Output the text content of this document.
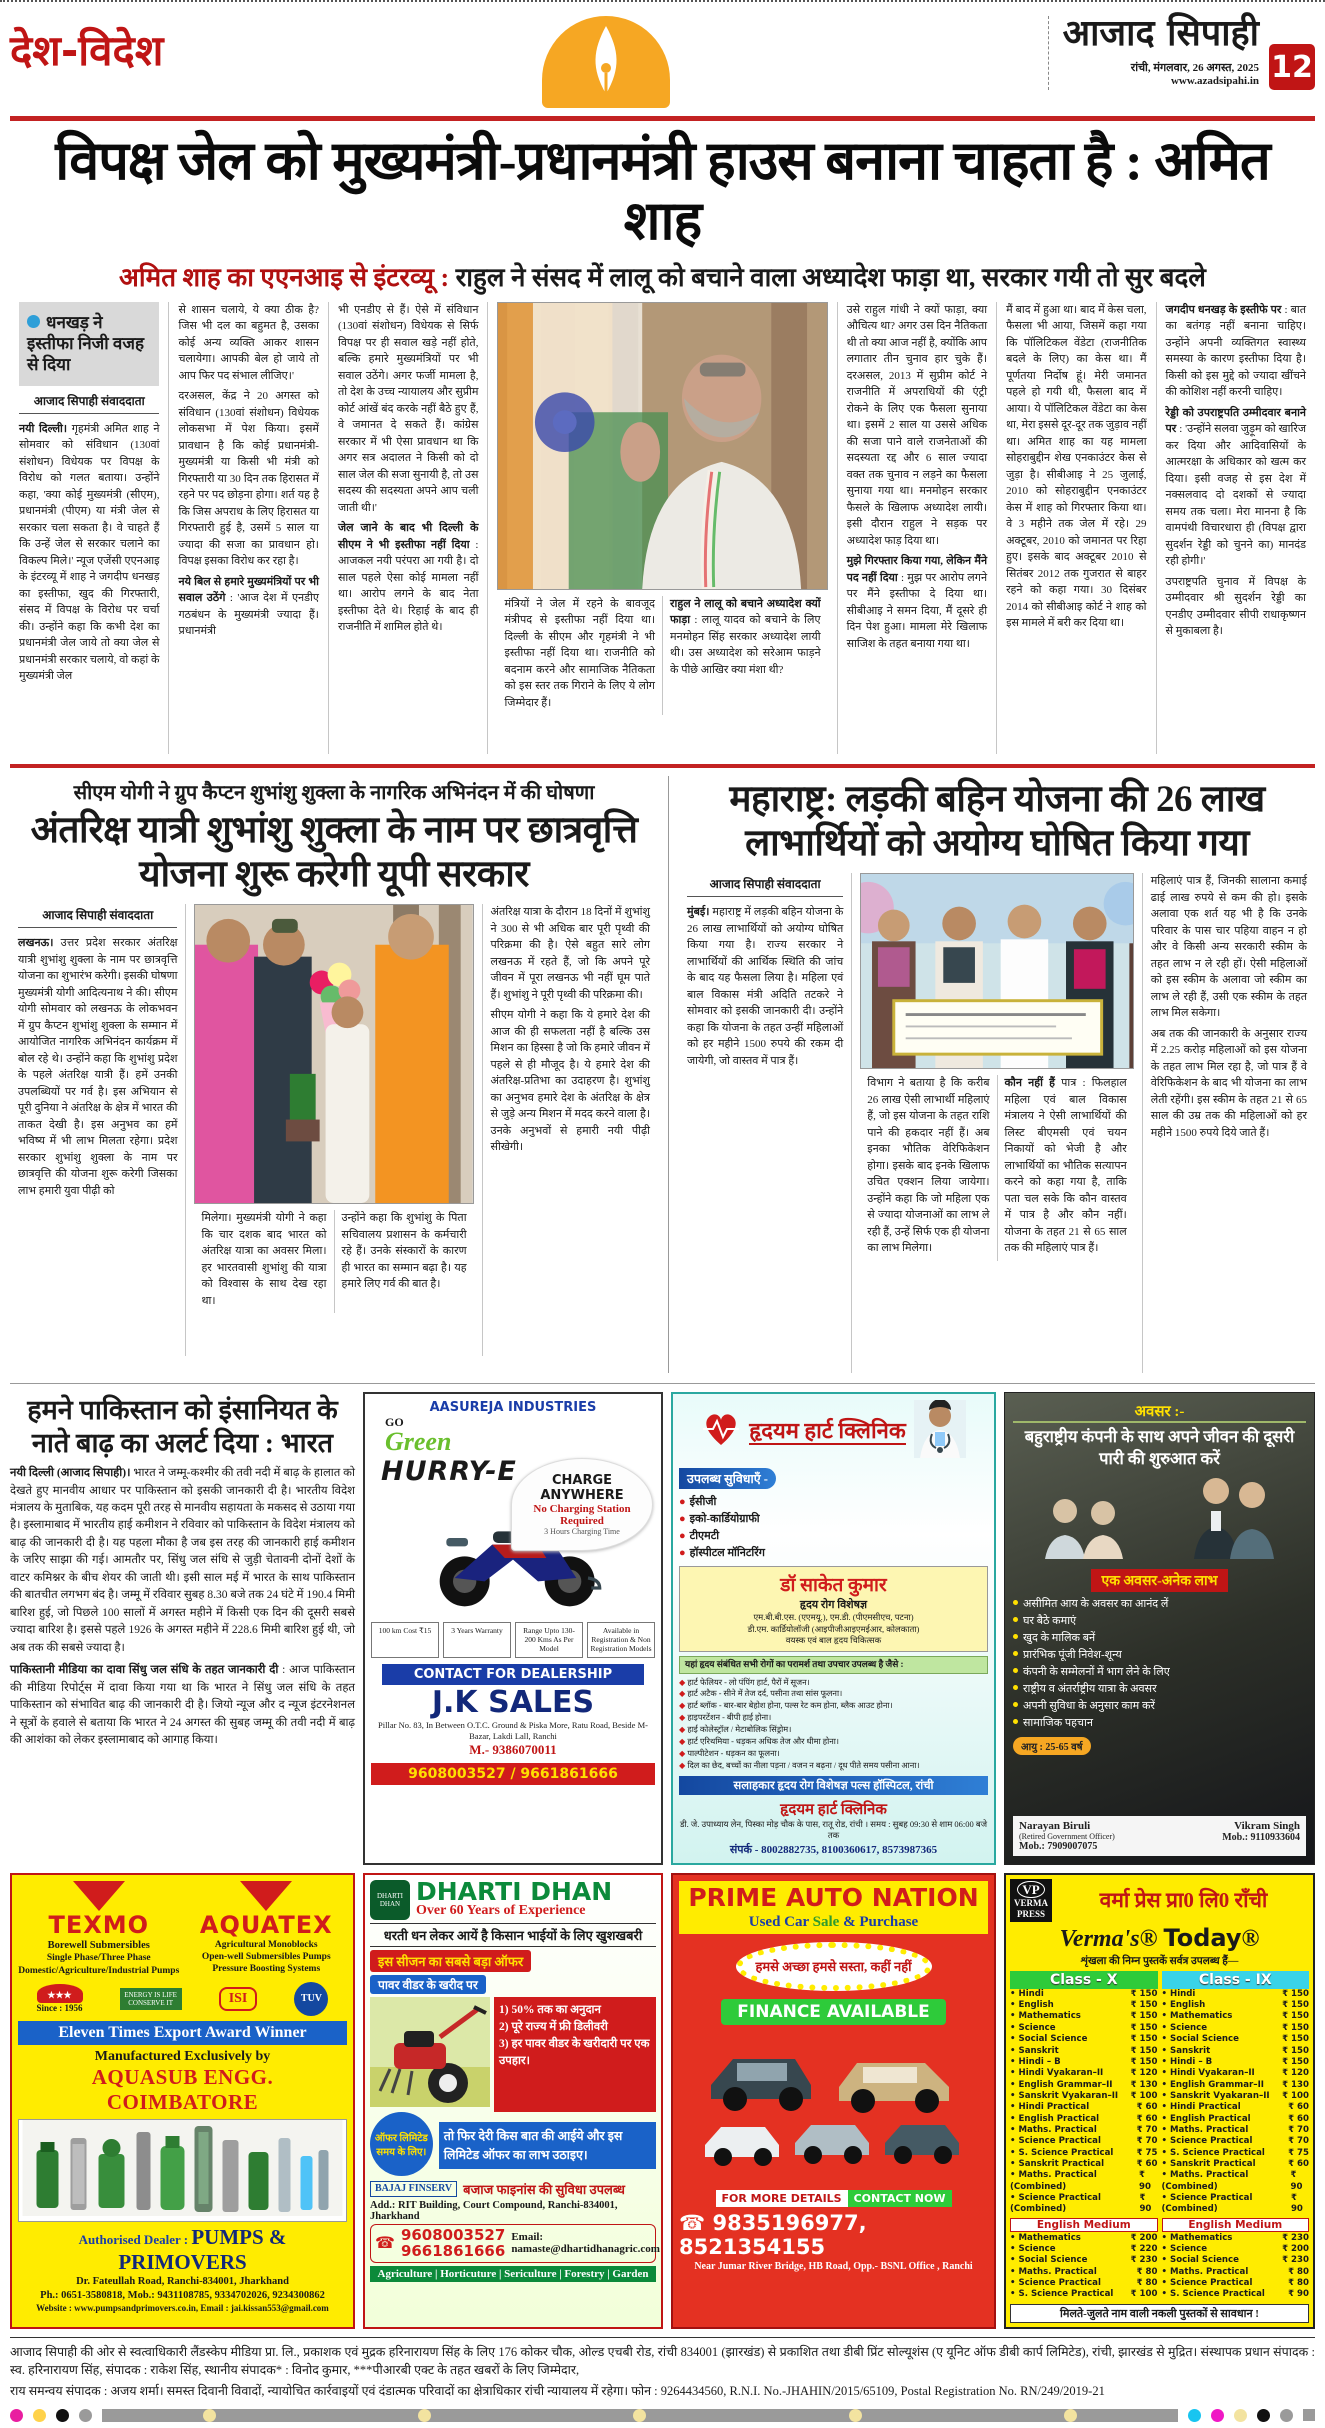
देश-विदेश	आजाद सिपाही
रांची, मंगलवार, 26 अगस्त, 2025
www.azadsipahi.in 12
विपक्ष जेल को मुख्यमंत्री-प्रधानमंत्री हाउस बनाना चाहता है : अमित शाह
अमित शाह का एएनआइ से इंटरव्यू : राहुल ने संसद में लालू को बचाने वाला अध्यादेश फाड़ा था, सरकार गयी तो सुर बदले
धनखड़ ने इस्तीफा निजी वजह से दिया
आजाद सिपाही संवाददाता

नयी दिल्ली। गृहमंत्री अमित शाह ने सोमवार को संविधान (130वां संशोधन) विधेयक पर विपक्ष के विरोध को गलत बताया। उन्होंने कहा, 'क्या कोई मुख्यमंत्री (सीएम), प्रधानमंत्री (पीएम) या मंत्री जेल से सरकार चला सकता है। वे चाहते हैं कि उन्हें जेल से सरकार चलाने का विकल्प मिले।' न्यूज एजेंसी एएनआइ के इंटरव्यू में शाह ने जगदीप धनखड़ का इस्तीफा, खुद की गिरफ्तारी, संसद में विपक्ष के विरोध पर चर्चा की। उन्होंने कहा कि कभी देश का प्रधानमंत्री जेल जाये तो क्या जेल से प्रधानमंत्री सरकार चलाये, वो कहां के मुख्यमंत्री जेल

से शासन चलाये, ये क्या ठीक है? जिस भी दल का बहुमत है, उसका कोई अन्य व्यक्ति आकर शासन चलायेगा। आपकी बेल हो जाये तो आप फिर पद संभाल लीजिए।'

दरअसल, केंद्र ने 20 अगस्त को संविधान (130वां संशोधन) विधेयक लोकसभा में पेश किया। इसमें प्रावधान है कि कोई प्रधानमंत्री-मुख्यमंत्री या किसी भी मंत्री को गिरफ्तारी या 30 दिन तक हिरासत में रहने पर पद छोड़ना होगा। शर्त यह है कि जिस अपराध के लिए हिरासत या गिरफ्तारी हुई है, उसमें 5 साल या ज्यादा की सजा का प्रावधान हो। विपक्ष इसका विरोध कर रहा है।

नये बिल से हमारे मुख्यमंत्रियों पर भी सवाल उठेंगे : 'आज देश में एनडीए गठबंधन के मुख्यमंत्री ज्यादा हैं। प्रधानमंत्री

भी एनडीए से हैं। ऐसे में संविधान (130वां संशोधन) विधेयक से सिर्फ विपक्ष पर ही सवाल खड़े नहीं होते, बल्कि हमारे मुख्यमंत्रियों पर भी सवाल उठेंगे। अगर फर्जी मामला है, तो देश के उच्च न्यायालय और सुप्रीम कोर्ट आंखें बंद करके नहीं बैठे हुए हैं, वे जमानत दे सकते हैं। कांग्रेस सरकार में भी ऐसा प्रावधान था कि अगर सत्र अदालत ने किसी को दो साल जेल की सजा सुनायी है, तो उस सदस्य की सदस्यता अपने आप चली जाती थी।'

जेल जाने के बाद भी दिल्ली के सीएम ने भी इस्तीफा नहीं दिया : आजकल नयी परंपरा आ गयी है। दो साल पहले ऐसा कोई मामला नहीं था। आरोप लगने के बाद नेता इस्तीफा देते थे। रिहाई के बाद ही राजनीति में शामिल होते थे।

मंत्रियों ने जेल में रहने के बावजूद मंत्रीपद से इस्तीफा नहीं दिया था। दिल्ली के सीएम और गृहमंत्री ने भी इस्तीफा नहीं दिया था। राजनीति को बदनाम करने और सामाजिक नैतिकता को इस स्तर तक गिराने के लिए ये लोग जिम्मेदार हैं।

राहुल ने लालू को बचाने अध्यादेश क्यों फाड़ा : लालू यादव को बचाने के लिए मनमोहन सिंह सरकार अध्यादेश लायी थी। उस अध्यादेश को सरेआम फाड़ने के पीछे आखिर क्या मंशा थी?

उसे राहुल गांधी ने क्यों फाड़ा, क्या औचित्य था? अगर उस दिन नैतिकता थी तो क्या आज नहीं है, क्योंकि आप लगातार तीन चुनाव हार चुके हैं। दरअसल, 2013 में सुप्रीम कोर्ट ने राजनीति में अपराधियों की एंट्री रोकने के लिए एक फैसला सुनाया था। इसमें 2 साल या उससे अधिक की सजा पाने वाले राजनेताओं की सदस्यता रद्द और 6 साल ज्यादा वक्त तक चुनाव न लड़ने का फैसला सुनाया गया था। मनमोहन सरकार फैसले के खिलाफ अध्यादेश लायी। इसी दौरान राहुल ने सड़क पर अध्यादेश फाड़ दिया था।

मुझे गिरफ्तार किया गया, लेकिन मैंने पद नहीं दिया : मुझ पर आरोप लगने पर मैंने इस्तीफा दे दिया था। सीबीआइ ने समन दिया, मैं दूसरे ही दिन पेश हुआ। मामला मेरे खिलाफ साजिश के तहत बनाया गया था।

मैं बाद में हुआ था। बाद में केस चला, फैसला भी आया, जिसमें कहा गया कि पॉलिटिकल वेंडेटा (राजनीतिक बदले के लिए) का केस था। मैं पूर्णतया निर्दोष हूं। मेरी जमानत पहले हो गयी थी, फैसला बाद में आया। ये पॉलिटिकल वेंडेटा का केस था, मेरा इससे दूर-दूर तक जुड़ाव नहीं था। अमित शाह का यह मामला सोहराबुद्दीन शेख एनकाउंटर केस से जुड़ा है। सीबीआइ ने 25 जुलाई, 2010 को सोहराबुद्दीन एनकाउंटर केस में शाह को गिरफ्तार किया था। वे 3 महीने तक जेल में रहे। 29 अक्टूबर, 2010 को जमानत पर रिहा हुए। इसके बाद अक्टूबर 2010 से सितंबर 2012 तक गुजरात से बाहर रहने को कहा गया। 30 दिसंबर 2014 को सीबीआइ कोर्ट ने शाह को इस मामले में बरी कर दिया था।

जगदीप धनखड़ के इस्तीफे पर : बात का बतंगड़ नहीं बनाना चाहिए। उन्होंने अपनी व्यक्तिगत स्वास्थ्य समस्या के कारण इस्तीफा दिया है। किसी को इस मुद्दे को ज्यादा खींचने की कोशिश नहीं करनी चाहिए।

रेड्डी को उपराष्ट्रपति उम्मीदवार बनाने पर : 'उन्होंने सलवा जुड़ूम को खारिज कर दिया और आदिवासियों के आत्मरक्षा के अधिकार को खत्म कर दिया। इसी वजह से इस देश में नक्सलवाद दो दशकों से ज्यादा समय तक चला। मेरा मानना है कि वामपंथी विचारधारा ही (विपक्ष द्वारा सुदर्शन रेड्डी को चुनने का) मानदंड रही होगी।'

उपराष्ट्रपति चुनाव में विपक्ष के उम्मीदवार श्री सुदर्शन रेड्डी का एनडीए उम्मीदवार सीपी राधाकृष्णन से मुकाबला है।

सीएम योगी ने ग्रुप कैप्टन शुभांशु शुक्ला के नागरिक अभिनंदन में की घोषणा
अंतरिक्ष यात्री शुभांशु शुक्ला के नाम पर छात्रवृत्ति योजना शुरू करेगी यूपी सरकार
आजाद सिपाही संवाददाता

लखनऊ। उत्तर प्रदेश सरकार अंतरिक्ष यात्री शुभांशु शुक्ला के नाम पर छात्रवृत्ति योजना का शुभारंभ करेगी। इसकी घोषणा मुख्यमंत्री योगी आदित्यनाथ ने की। सीएम योगी सोमवार को लखनऊ के लोकभवन में ग्रुप कैप्टन शुभांशु शुक्ला के सम्मान में आयोजित नागरिक अभिनंदन कार्यक्रम में बोल रहे थे। उन्होंने कहा कि शुभांशु प्रदेश के पहले अंतरिक्ष यात्री हैं। हमें उनकी उपलब्धियों पर गर्व है। इस अभियान से पूरी दुनिया ने अंतरिक्ष के क्षेत्र में भारत की ताकत देखी है। इस अनुभव का हमें भविष्य में भी लाभ मिलता रहेगा। प्रदेश सरकार शुभांशु शुक्ला के नाम पर छात्रवृत्ति की योजना शुरू करेगी जिसका लाभ हमारी युवा पीढ़ी को

मिलेगा। मुख्यमंत्री योगी ने कहा कि चार दशक बाद भारत को अंतरिक्ष यात्रा का अवसर मिला। हर भारतवासी शुभांशु की यात्रा को विश्वास के साथ देख रहा था।

उन्होंने कहा कि शुभांशु के पिता सचिवालय प्रशासन के कर्मचारी रहे हैं। उनके संस्कारों के कारण ही भारत का सम्मान बढ़ा है। यह हमारे लिए गर्व की बात है।

अंतरिक्ष यात्रा के दौरान 18 दिनों में शुभांशु ने 300 से भी अधिक बार पूरी पृथ्वी की परिक्रमा की है। ऐसे बहुत सारे लोग लखनऊ में रहते हैं, जो कि अपने पूरे जीवन में पूरा लखनऊ भी नहीं घूम पाते हैं। शुभांशु ने पूरी पृथ्वी की परिक्रमा की।

सीएम योगी ने कहा कि ये हमारे देश की आज की ही सफलता नहीं है बल्कि उस मिशन का हिस्सा है जो कि हमारे जीवन में पहले से ही मौजूद है। ये हमारे देश की अंतरिक्ष-प्रतिभा का उदाहरण है। शुभांशु का अनुभव हमारे देश के अंतरिक्ष के क्षेत्र से जुड़े अन्य मिशन में मदद करने वाला है। उनके अनुभवों से हमारी नयी पीढ़ी सीखेगी।

महाराष्ट्र: लड़की बहिन योजना की 26 लाख लाभार्थियों को अयोग्य घोषित किया गया
आजाद सिपाही संवाददाता

मुंबई। महाराष्ट्र में लड़की बहिन योजना के 26 लाख लाभार्थियों को अयोग्य घोषित किया गया है। राज्य सरकार ने लाभार्थियों की आर्थिक स्थिति की जांच के बाद यह फैसला लिया है। महिला एवं बाल विकास मंत्री अदिति तटकरे ने सोमवार को इसकी जानकारी दी। उन्होंने कहा कि योजना के तहत उन्हीं महिलाओं को हर महीने 1500 रुपये की रकम दी जायेगी, जो वास्तव में पात्र हैं।

विभाग ने बताया है कि करीब 26 लाख ऐसी लाभार्थी महिलाएं हैं, जो इस योजना के तहत राशि पाने की हकदार नहीं हैं। अब इनका भौतिक वेरिफिकेशन होगा। इसके बाद इनके खिलाफ उचित एक्शन लिया जायेगा। उन्होंने कहा कि जो महिला एक से ज्यादा योजनाओं का लाभ ले रही हैं, उन्हें सिर्फ एक ही योजना का लाभ मिलेगा।

कौन नहीं हैं पात्र : फिलहाल महिला एवं बाल विकास मंत्रालय ने ऐसी लाभार्थियों की लिस्ट बीएमसी एवं चयन निकायों को भेजी है और लाभार्थियों का भौतिक सत्यापन करने को कहा गया है, ताकि पता चल सके कि कौन वास्तव में पात्र है और कौन नहीं। योजना के तहत 21 से 65 साल तक की महिलाएं पात्र हैं।

महिलाएं पात्र हैं, जिनकी सालाना कमाई ढाई लाख रुपये से कम की हो। इसके अलावा एक शर्त यह भी है कि उनके परिवार के पास चार पहिया वाहन न हो और वे किसी अन्य सरकारी स्कीम के तहत लाभ न ले रही हों। ऐसी महिलाओं को इस स्कीम के अलावा जो स्कीम का लाभ ले रही हैं, उसी एक स्कीम के तहत लाभ मिल सकेगा।

अब तक की जानकारी के अनुसार राज्य में 2.25 करोड़ महिलाओं को इस योजना के तहत लाभ मिल रहा है, जो पात्र हैं वे वेरिफिकेशन के बाद भी योजना का लाभ लेती रहेंगी। इस स्कीम के तहत 21 से 65 साल की उम्र तक की महिलाओं को हर महीने 1500 रुपये दिये जाते हैं।

हमने पाकिस्तान को इंसानियत के नाते बाढ़ का अलर्ट दिया : भारत

नयी दिल्ली (आजाद सिपाही)। भारत ने जम्मू-कश्मीर की तवी नदी में बाढ़ के हालात को देखते हुए मानवीय आधार पर पाकिस्तान को इसकी जानकारी दी है। भारतीय विदेश मंत्रालय के मुताबिक, यह कदम पूरी तरह से मानवीय सहायता के मकसद से उठाया गया है। इस्लामाबाद में भारतीय हाई कमीशन ने रविवार को पाकिस्तान के विदेश मंत्रालय को बाढ़ की जानकारी दी है। यह पहला मौका है जब इस तरह की जानकारी हाई कमीशन के जरिए साझा की गई। आमतौर पर, सिंधु जल संधि से जुड़ी चेतावनी दोनों देशों के वाटर कमिश्नर के बीच शेयर की जाती थी। इसी साल मई में भारत के साथ पाकिस्तान की बातचीत लगभग बंद है। जम्मू में रविवार सुबह 8.30 बजे तक 24 घंटे में 190.4 मिमी बारिश हुई, जो पिछले 100 सालों में अगस्त महीने में किसी एक दिन की दूसरी सबसे ज्यादा बारिश है। इससे पहले 1926 के अगस्त महीने में 228.6 मिमी बारिश हुई थी, जो अब तक की सबसे ज्यादा है।

पाकिस्तानी मीडिया का दावा सिंधु जल संधि के तहत जानकारी दी : आज पाकिस्तान की मीडिया रिपोर्ट्स में दावा किया गया था कि भारत ने सिंधु जल संधि के तहत पाकिस्तान को संभावित बाढ़ की जानकारी दी है। जियो न्यूज और द न्यूज इंटरनेशनल ने सूत्रों के हवाले से बताया कि भारत ने 24 अगस्त की सुबह जम्मू की तवी नदी में बाढ़ की आशंका को लेकर इस्लामाबाद को आगाह किया।

AASUREJA INDUSTRIES
GO
Green
HURRY-E	CHARGE ANYWHERE
No Charging Station Required
3 Hours Charging Time
100 km Cost ₹15	3 Years Warranty	Range Upto 130-200 Kms As Per Model
Available in Registration & Non Registration Models
CONTACT FOR DEALERSHIP
J.K SALES
Pillar No. 83, In Between O.T.C. Ground & Piska More, Ratu Road, Beside M-Bazar, Lakdi Lall, Ranchi
M.- 9386070011
9608003527 / 9661861666
हृदयम हार्ट क्लिनिक
उपलब्ध सुविधाएँ -
● ईसीजी
● इको-कार्डियोग्राफी
● टीएमटी
● हॉस्पीटल मॉनिटरिंग
डॉ साकेत कुमार
हृदय रोग विशेषज्ञ
एम.बी.बी.एस. (एएमयू.), एम.डी. (पीएमसीएच, पटना)
डी.एम. कार्डियोलॉजी (आइपीजीआइएमईआर, कोलकाता)
वयस्क एवं बाल हृदय चिकित्सक
यहां हृदय संबंधित सभी रोगों का परामर्श तथा उपचार उपलब्ध है जैसे :
◆ हार्ट फेलियर - लो पंपिंग हार्ट, पैरों में सूजन।
◆ हार्ट अटैक - सीने में तेज दर्द, पसीना तथा सांस फूलना।
◆ हार्ट ब्लॉक - बार-बार बेहोश होना, पल्स रेट कम होना, ब्लैक आउट होना।
◆ हाइपरटेंशन - बीपी हाई होना।
◆ हाई कोलेस्ट्रॉल / मेटाबोलिक सिंड्रोम।
◆ हार्ट एरिथमिया - धड़कन अधिक तेज और धीमा होना।
◆ पाल्पीटेशन - धड़कन का फूलना।
◆ दिल का छेद, बच्चों का नीला पड़ना / वजन न बढ़ना / दूध पीते समय पसीना आना।
सलाहकार हृदय रोग विशेषज्ञ पल्स हॉस्पिटल, रांची
हृदयम हार्ट क्लिनिक
डी. जे. उपाध्याय लेन, पिस्का मोड़ चौक के पास, रातू रोड, रांची । समय : सुबह 09:30 से शाम 06:00 बजे तक
संपर्क - 8002882735, 8100360617, 8573987365
अवसर :-
बहुराष्ट्रीय कंपनी के साथ अपने जीवन की दूसरी पारी की शुरुआत करें
एक अवसर-अनेक लाभ
असीमित आय के अवसर का आनंद लें
घर बैठे कमाएं
खुद के मालिक बनें
प्रारंभिक पूंजी निवेश-शून्य
कंपनी के सम्मेलनों में भाग लेने के लिए
राष्ट्रीय व अंतर्राष्ट्रीय यात्रा के अवसर
अपनी सुविधा के अनुसार काम करें
सामाजिक पहचान
आयु : 25-65 वर्ष
Narayan Biruli
(Retired Government Officer)
Mob.: 7909007075
Vikram Singh
Mob.: 9110933604
TEXMO
Borewell Submersibles
Single Phase/Three Phase
Domestic/Agriculture/Industrial Pumps
AQUATEX
Agricultural Monoblocks
Open-well Submersibles Pumps
Pressure Boosting Systems
★★★
Since : 1956
ENERGY IS LIFE CONSERVE IT	ISI	TUV
Eleven Times Export Award Winner
Manufactured Exclusively by
AQUASUB ENGG. COIMBATORE
Authorised Dealer : PUMPS & PRIMOVERS
Dr. Fateullah Road, Ranchi-834001, Jharkhand
Ph.: 0651-3580818, Mob.: 9431108785, 9334702026, 9234300862
Website : www.pumpsandprimovers.co.in, Email : jai.kissan553@gmail.com
DHARTI DHAN DHARTI DHAN
Over 60 Years of Experience
धरती धन लेकर आयें है किसान भाईयों के लिए खुशखबरी
इस सीजन का सबसे बड़ा ऑफर
पावर वीडर के खरीद पर
1) 50% तक का अनुदान
2) पूरे राज्य में फ्री डिलीवरी
3) हर पावर वीडर के खरीदारी पर एक उपहार।
ऑफर लिमिटेड समय के लिए।
तो फिर देरी किस बात की आईये और इस लिमिटेड ऑफर का लाभ उठाइए।
BAJAJ FINSERV बजाज फाइनांस की सुविधा उपलब्ध
Add.: RIT Building, Court Compound, Ranchi-834001, Jharkhand
☎ 9608003527
9661861666
Email:
namaste@dhartidhanagric.com
Agriculture | Horticuture | Sericulture | Forestry | Garden
PRIME AUTO NATION
Used Car Sale & Purchase
हमसे अच्छा हमसे सस्ता, कहीं नहीं
FINANCE AVAILABLE
FOR MORE DETAILS	CONTACT NOW
☎ 9835196977, 8521354155
Near Jumar River Bridge, HB Road, Opp.- BSNL Office , Ranchi
VP
VERMA
PRESS
वर्मा प्रेस प्रा0 लि0 राँची
Verma's® Today®
शृंखला की निम्न पुस्तकें सर्वत्र उपलब्ध हैं—
Class - X
• Hindi	₹ 150
• English	₹ 150
• Mathematics	₹ 150
• Science	₹ 150
• Social Science	₹ 150
• Sanskrit	₹ 150
• Hindi – B	₹ 150
• Hindi Vyakaran–II	₹ 120
• English Grammar–II ₹ 130
• Sanskrit Vyakaran–II ₹ 100
• Hindi Practical	₹ 60
• English Practical	₹ 60
• Maths. Practical	₹ 70
• Science Practical	₹ 70
• S. Science Practical	₹ 75
• Sanskrit Practical	₹ 60
• Maths. Practical (Combined)
₹ 90
• Science Practical (Combined)
₹ 90
English Medium
• Mathematics	₹ 200
• Science	₹ 220
• Social Science	₹ 230
• Maths. Practical	₹ 80
• Science Practical	₹ 80
• S. Science Practical ₹ 100
Class - IX
• Hindi	₹ 150
• English	₹ 150
• Mathematics	₹ 150
• Science	₹ 150
• Social Science	₹ 150
• Sanskrit	₹ 150
• Hindi – B	₹ 150
• Hindi Vyakaran–II	₹ 120
• English Grammar–II ₹ 130
• Sanskrit Vyakaran–II ₹ 100
• Hindi Practical	₹ 60
• English Practical	₹ 60
• Maths. Practical	₹ 70
• Science Practical	₹ 70
• S. Science Practical	₹ 75
• Sanskrit Practical	₹ 60
• Maths. Practical (Combined)
₹ 90
• Science Practical (Combined)
₹ 90
English Medium
• Mathematics	₹ 230
• Science	₹ 200
• Social Science	₹ 230
• Maths. Practical	₹ 80
• Science Practical	₹ 80
• S. Science Practical	₹ 90
मिलते-जुलते नाम वाली नकली पुस्तकों से सावधान !

आजाद सिपाही की ओर से स्वत्वाधिकारी लैंडस्केप मीडिया प्रा. लि., प्रकाशक एवं मुद्रक हरिनारायण सिंह के लिए 176 कोकर चौक, ओल्ड एचबी रोड, रांची 834001 (झारखंड) से प्रकाशित तथा डीबी प्रिंट सोल्यूशंस (ए यूनिट ऑफ डीबी कार्प लिमिटेड), रांची, झारखंड से मुद्रित। संस्थापक प्रधान संपादक : स्व. हरिनारायण सिंह, संपादक : राकेश सिंह, स्थानीय संपादक* : विनोद कुमार, ***पीआरबी एक्ट के तहत खबरों के लिए जिम्मेदार,

राय समन्वय संपादक : अजय शर्मा। समस्त दिवानी विवादों, न्यायोचित कार्रवाइयों एवं दंडात्मक परिवादों का क्षेत्राधिकार रांची न्यायालय में रहेगा। फोन : 9264434560, R.N.I. No.-JHAHIN/2015/65109, Postal Registration No. RN/249/2019-21
